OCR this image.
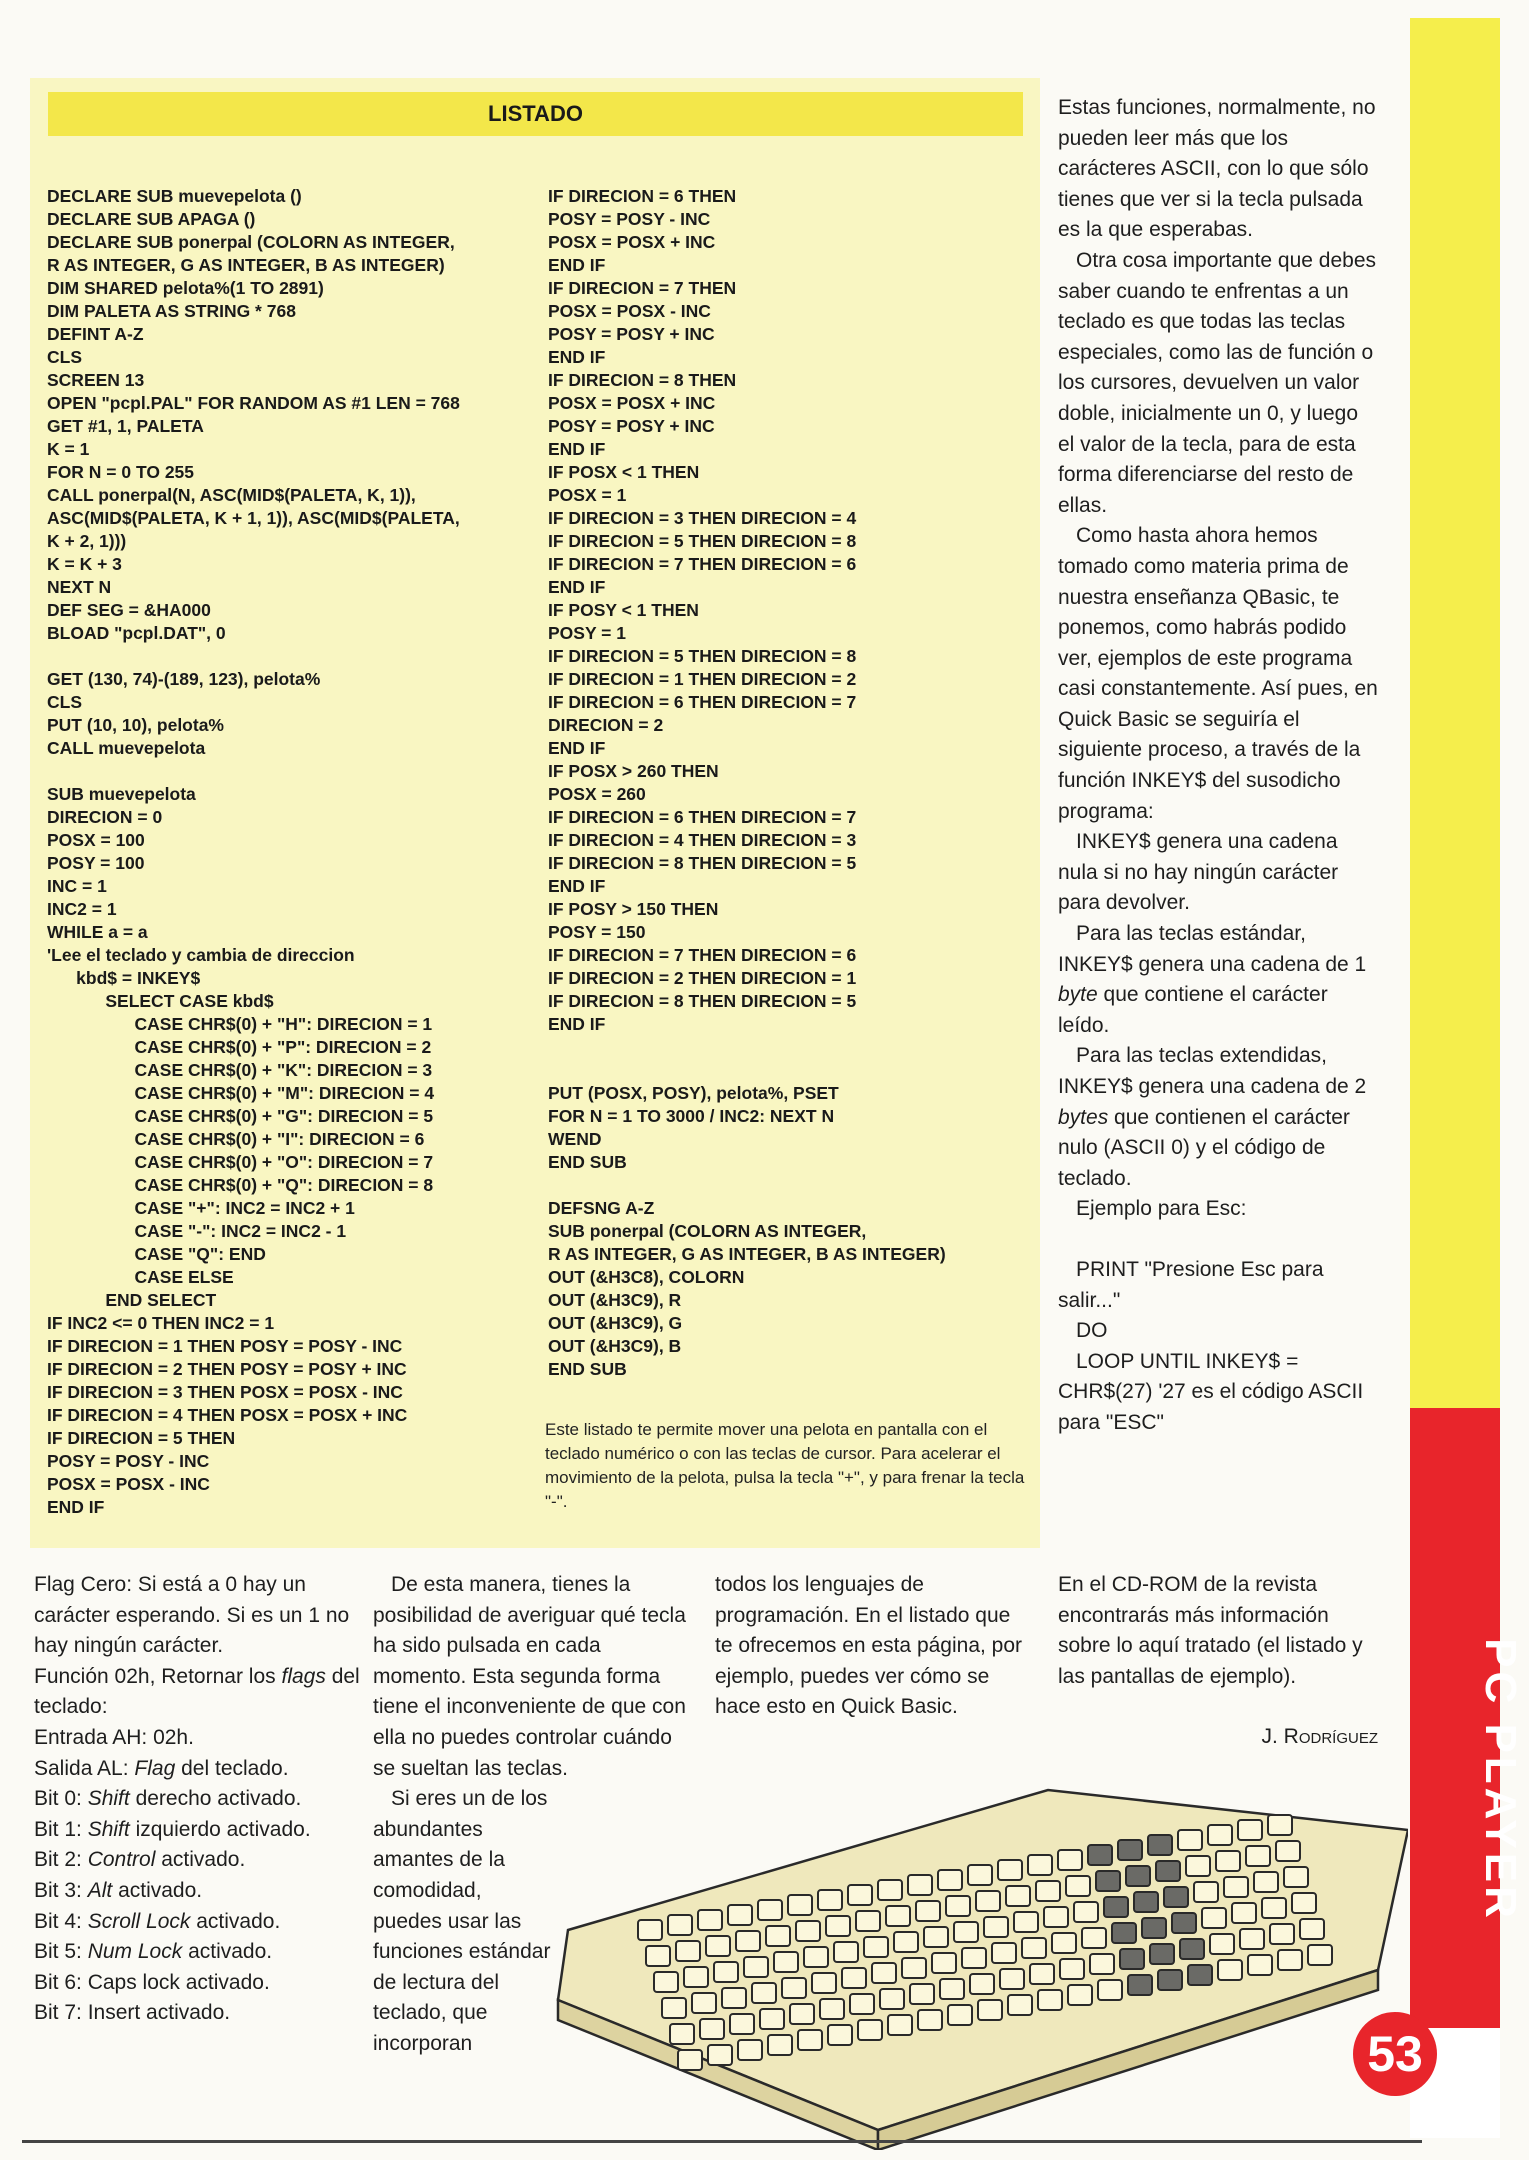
LISTADO
DECLARE SUB muevepelota ()
DECLARE SUB APAGA ()
DECLARE SUB ponerpal (COLORN AS INTEGER,
R AS INTEGER, G AS INTEGER, B AS INTEGER)
DIM SHARED pelota%(1 TO 2891)
DIM PALETA AS STRING * 768
DEFINT A-Z
CLS
SCREEN 13
OPEN "pcpl.PAL" FOR RANDOM AS #1 LEN = 768
GET #1, 1, PALETA
K = 1
FOR N = 0 TO 255
CALL ponerpal(N, ASC(MID$(PALETA, K, 1)),
ASC(MID$(PALETA, K + 1, 1)), ASC(MID$(PALETA,
K + 2, 1)))
K = K + 3
NEXT N
DEF SEG = &HA000
BLOAD "pcpl.DAT", 0

GET (130, 74)-(189, 123), pelota%
CLS
PUT (10, 10), pelota%
CALL muevepelota

SUB muevepelota
DIRECION = 0
POSX = 100
POSY = 100
INC = 1
INC2 = 1
WHILE a = a
'Lee el teclado y cambia de direccion
kbd$ = INKEY$
SELECT CASE kbd$
CASE CHR$(0) + "H": DIRECION = 1
CASE CHR$(0) + "P": DIRECION = 2
CASE CHR$(0) + "K": DIRECION = 3
CASE CHR$(0) + "M": DIRECION = 4
CASE CHR$(0) + "G": DIRECION = 5
CASE CHR$(0) + "I": DIRECION = 6
CASE CHR$(0) + "O": DIRECION = 7
CASE CHR$(0) + "Q": DIRECION = 8
CASE "+": INC2 = INC2 + 1
CASE "-": INC2 = INC2 - 1
CASE "Q": END
CASE ELSE
END SELECT
IF INC2 <= 0 THEN INC2 = 1
IF DIRECION = 1 THEN POSY = POSY - INC
IF DIRECION = 2 THEN POSY = POSY + INC
IF DIRECION = 3 THEN POSX = POSX - INC
IF DIRECION = 4 THEN POSX = POSX + INC
IF DIRECION = 5 THEN
POSY = POSY - INC
POSX = POSX - INC
END IF
IF DIRECION = 6 THEN
POSY = POSY - INC
POSX = POSX + INC
END IF
IF DIRECION = 7 THEN
POSX = POSX - INC
POSY = POSY + INC
END IF
IF DIRECION = 8 THEN
POSX = POSX + INC
POSY = POSY + INC
END IF
IF POSX < 1 THEN
POSX = 1
IF DIRECION = 3 THEN DIRECION = 4
IF DIRECION = 5 THEN DIRECION = 8
IF DIRECION = 7 THEN DIRECION = 6
END IF
IF POSY < 1 THEN
POSY = 1
IF DIRECION = 5 THEN DIRECION = 8
IF DIRECION = 1 THEN DIRECION = 2
IF DIRECION = 6 THEN DIRECION = 7
DIRECION = 2
END IF
IF POSX > 260 THEN
POSX = 260
IF DIRECION = 6 THEN DIRECION = 7
IF DIRECION = 4 THEN DIRECION = 3
IF DIRECION = 8 THEN DIRECION = 5
END IF
IF POSY > 150 THEN
POSY = 150
IF DIRECION = 7 THEN DIRECION = 6
IF DIRECION = 2 THEN DIRECION = 1
IF DIRECION = 8 THEN DIRECION = 5
END IF

PUT (POSX, POSY), pelota%, PSET
FOR N = 1 TO 3000 / INC2: NEXT N
WEND
END SUB

DEFSNG A-Z
SUB ponerpal (COLORN AS INTEGER,
R AS INTEGER, G AS INTEGER, B AS INTEGER)
OUT (&H3C8), COLORN
OUT (&H3C9), R
OUT (&H3C9), G
OUT (&H3C9), B
END SUB
Este listado te permite mover una pelota en pantalla con el teclado numérico o con las teclas de cursor. Para acelerar el movimiento de la pelota, pulsa la tecla "+", y para frenar la tecla "-".

Estas funciones, normalmente, no pueden leer más que los carácteres ASCII, con lo que sólo tienes que ver si la tecla pulsada es la que esperabas.

Otra cosa importante que debes saber cuando te enfrentas a un teclado es que todas las teclas especiales, como las de función o los cursores, devuelven un valor doble, inicialmente un 0, y luego el valor de la tecla, para de esta forma diferenciarse del resto de ellas.

Como hasta ahora hemos tomado como materia prima de nuestra enseñanza QBasic, te ponemos, como habrás podido ver, ejemplos de este programa casi constantemente. Así pues, en Quick Basic se seguiría el siguiente proceso, a través de la función INKEY$ del susodicho programa:

INKEY$ genera una cadena nula si no hay ningún carácter para devolver.

Para las teclas estándar, INKEY$ genera una cadena de 1 byte que contiene el carácter leído.

Para las teclas extendidas, INKEY$ genera una cadena de 2 bytes que contienen el carácter nulo (ASCII 0) y el código de teclado.

Ejemplo para Esc:

PRINT "Presione Esc para salir..."

DO

LOOP UNTIL INKEY$ = CHR$(27) '27 es el código ASCII para "ESC"

Flag Cero: Si está a 0 hay un carácter esperando. Si es un 1 no hay ningún carácter.

Función 02h, Retornar los flags del teclado:

Entrada AH: 02h.

Salida AL: Flag del teclado.

Bit 0: Shift derecho activado.

Bit 1: Shift izquierdo activado.

Bit 2: Control activado.

Bit 3: Alt activado.

Bit 4: Scroll Lock activado.

Bit 5: Num Lock activado.

Bit 6: Caps lock activado.

Bit 7: Insert activado.

De esta manera, tienes la posibilidad de averiguar qué tecla ha sido pulsada en cada momento. Esta segunda forma tiene el inconveniente de que con ella no puedes controlar cuándo se sueltan las teclas.

Si eres un de los abundantes amantes de la comodidad, puedes usar las funciones estándar de lectura del teclado, que incorporan

todos los lenguajes de programación. En el listado que te ofrecemos en esta página, por ejemplo, puedes ver cómo se hace esto en Quick Basic.

En el CD-ROM de la revista encontrarás más información sobre lo aquí tratado (el listado y las pantallas de ejemplo).

J. Rodríguez PC PLAYER
53
